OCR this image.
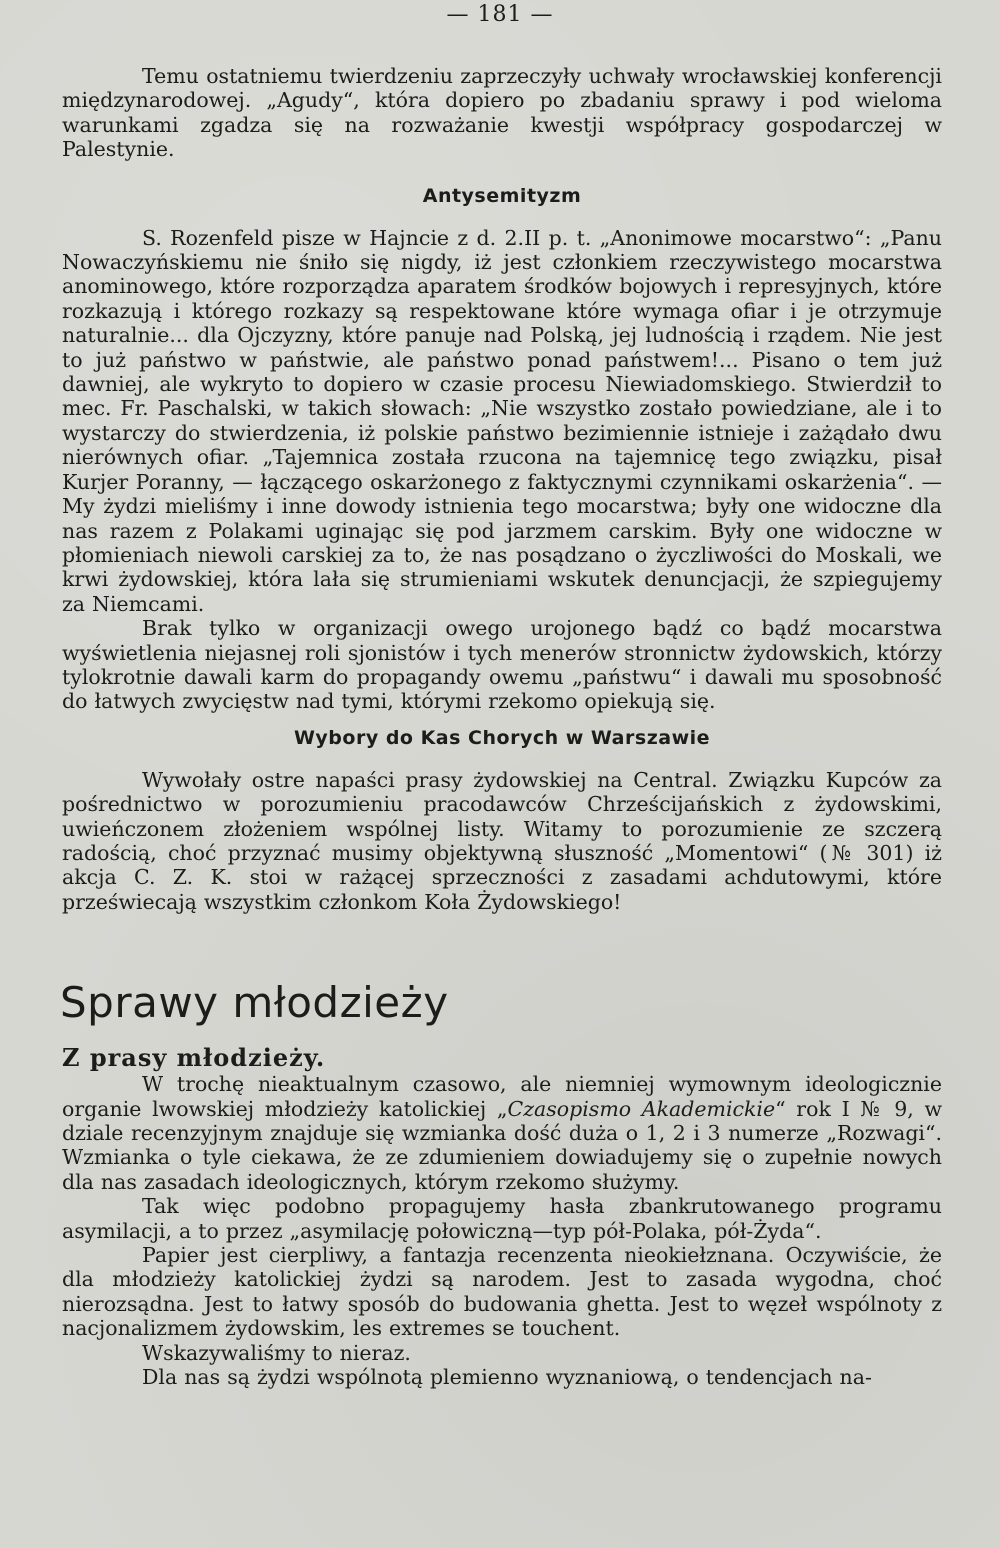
— 181 —

Temu ostatniemu twierdzeniu zaprzeczyły uchwały wrocławskiej konferencji międzynarodowej. „Agudy“, która dopiero po zbadaniu sprawy i pod wieloma warunkami zgadza się na rozważanie kwestji współpracy gospodarczej w Palestynie.

Antysemityzm

S. Rozenfeld pisze w Hajncie z d. 2.II p. t. „Anonimowe mocarstwo“: „Panu Nowaczyńskiemu nie śniło się nigdy, iż jest członkiem rzeczywistego mocarstwa anominowego, które rozporządza aparatem środków bojowych i represyjnych, które rozkazują i którego rozkazy są respektowane które wymaga ofiar i je otrzymuje naturalnie... dla Ojczyzny, które panuje nad Polską, jej ludnością i rządem. Nie jest to już państwo w państwie, ale państwo ponad państwem!... Pisano o tem już dawniej, ale wykryto to dopiero w czasie procesu Niewiadomskiego. Stwierdził to mec. Fr. Paschalski, w takich słowach: „Nie wszystko zostało powiedziane, ale i to wystarczy do stwierdzenia, iż polskie państwo bezimiennie istnieje i zażądało dwu nierównych ofiar. „Tajemnica została rzucona na tajemnicę tego związku, pisał Kurjer Poranny, — łączącego oskarżonego z faktycznymi czynnikami oskarżenia“. — My żydzi mieliśmy i inne dowody istnienia tego mocarstwa; były one widoczne dla nas razem z Polakami uginając się pod jarzmem carskim. Były one widoczne w płomieniach niewoli carskiej za to, że nas posądzano o życzliwości do Moskali, we krwi żydowskiej, która lała się strumieniami wskutek denuncjacji, że szpiegujemy za Niemcami.

Brak tylko w organizacji owego urojonego bądź co bądź mocarstwa wyświetlenia niejasnej roli sjonistów i tych menerów stronnictw żydowskich, którzy tylokrotnie dawali karm do propagandy owemu „państwu“ i dawali mu sposobność do łatwych zwycięstw nad tymi, którymi rzekomo opiekują się.

Wybory do Kas Chorych w Warszawie

Wywołały ostre napaści prasy żydowskiej na Central. Związku Kupców za pośrednictwo w porozumieniu pracodawców Chrześcijańskich z żydowskimi, uwieńczonem złożeniem wspólnej listy. Witamy to porozumienie ze szczerą radością, choć przyznać musimy objektywną słuszność „Momentowi“ (№ 301) iż akcja C. Z. K. stoi w rażącej sprzeczności z zasadami achdutowymi, które przeświecają wszystkim członkom Koła Żydowskiego!

Sprawy młodzieży
Z prasy młodzieży.

W trochę nieaktualnym czasowo, ale niemniej wymownym ideologicznie organie lwowskiej młodzieży katolickiej „Czasopismo Akademickie“ rok I № 9, w dziale recenzyjnym znajduje się wzmianka dość duża o 1, 2 i 3 numerze „Rozwagi“. Wzmianka o tyle ciekawa, że ze zdumieniem dowiadujemy się o zupełnie nowych dla nas zasadach ideologicznych, którym rzekomo służymy.

Tak więc podobno propagujemy hasła zbankrutowanego programu asymilacji, a to przez „asymilację połowiczną—typ pół-Polaka, pół-Żyda“.

Papier jest cierpliwy, a fantazja recenzenta nieokiełznana. Oczywiście, że dla młodzieży katolickiej żydzi są narodem. Jest to zasada wygodna, choć nierozsądna. Jest to łatwy sposób do budowania ghetta. Jest to węzeł wspólnoty z nacjonalizmem żydowskim, les extremes se touchent.

Wskazywaliśmy to nieraz.

Dla nas są żydzi wspólnotą plemienno wyznaniową, o tendencjach na-
